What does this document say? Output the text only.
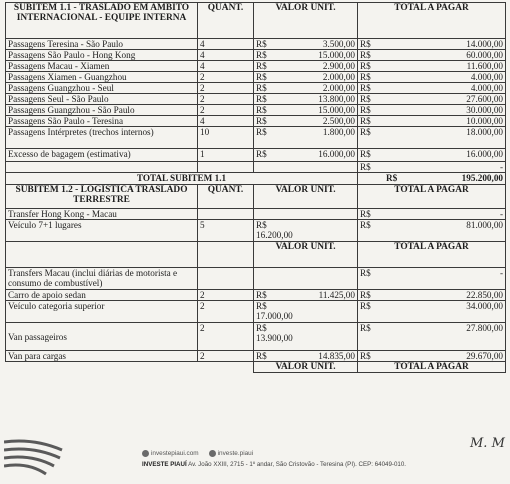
SUBITEM 1.1 - TRASLADO EM AMBITO INTERNACIONAL - EQUIPE INTERNA	QUANT.	VALOR UNIT.	TOTAL A PAGAR
Passagens Teresina - São Paulo	4	R$ 3.500,00	R$ 14.000,00

Passagens São Paulo - Hong Kong	4	R$ 15.000,00	R$ 60.000,00

Passagens Macau - Xiamen	4	R$ 2.900,00	R$ 11.600,00

Passagens Xiamen - Guangzhou	2	R$ 2.000,00	R$ 4.000,00

Passagens Guangzhou - Seul	2	R$ 2.000,00	R$ 4.000,00

Passagens Seul - São Paulo	2	R$ 13.800,00	R$ 27.600,00

Passagens Guangzhou - São Paulo	2	R$ 15.000,00	R$ 30.000,00

Passagens São Paulo - Teresina	4	R$ 2.500,00	R$ 10.000,00

Passagens Intérpretes (trechos internos)	10	R$ 1.800,00	R$ 18.000,00

Excesso de bagagem (estimativa)	1	R$ 16.000,00	R$ 16.000,00

			R$ -

TOTAL SUBITEM 1.1			R$ 195.200,00

SUBITEM 1.2 - LOGÍSTICA TRASLADO TERRESTRE	QUANT.	VALOR UNIT.	TOTAL A PAGAR
Transfer Hong Kong - Macau			R$ -

Veículo 7+1 lugares	5	R$
16.200,00	R$ 81.000,00

		VALOR UNIT.	TOTAL A PAGAR
Transfers Macau (inclui diárias de motorista e consumo de combustível)			R$ -

Carro de apoio sedan	2	R$ 11.425,00	R$ 22.850,00

Veículo categoria superior	2	R$
17.000,00	R$ 34.000,00

Van passageiros	2	R$
13.900,00	R$ 27.800,00

Van para cargas	2	R$ 14.835,00	R$ 29.670,00

		VALOR UNIT.	TOTAL A PAGAR
M. M
investepiaui.com	investe.piaui
INVESTE PIAUÍ Av. João XXIII, 2715 - 1º andar, São Cristovão - Teresina (PI). CEP: 64049-010.
